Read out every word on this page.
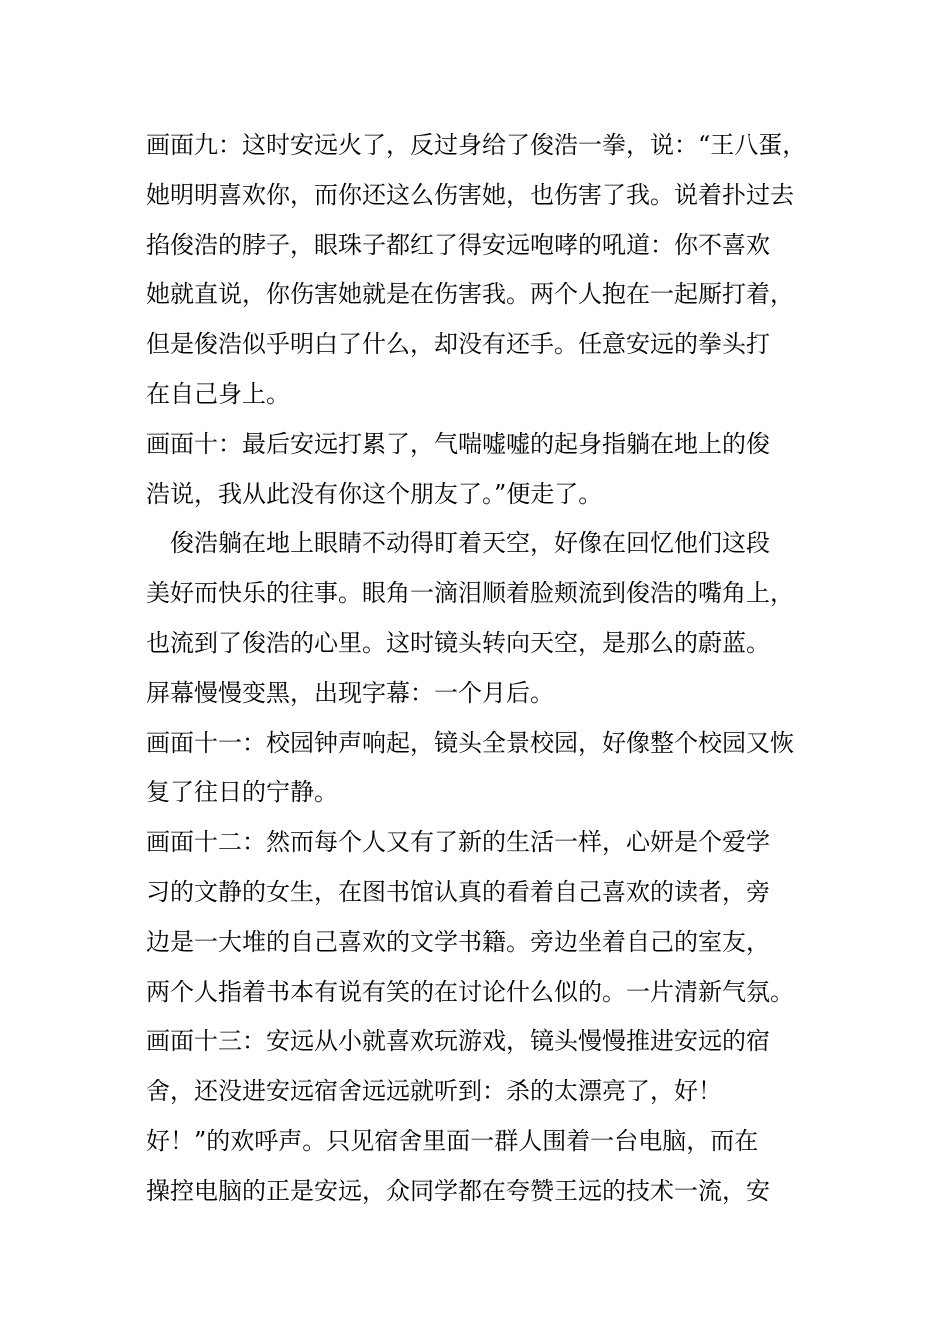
画面九：这时安远火了，反过身给了俊浩一拳，说：“王八蛋，
她明明喜欢你，而你还这么伤害她，也伤害了我。说着扑过去
掐俊浩的脖子，眼珠子都红了得安远咆哮的吼道：你不喜欢
她就直说，你伤害她就是在伤害我。两个人抱在一起厮打着，
但是俊浩似乎明白了什么，却没有还手。任意安远的拳头打
在自己身上。
画面十：最后安远打累了，气喘嘘嘘的起身指躺在地上的俊
浩说，我从此没有你这个朋友了。”便走了。
俊浩躺在地上眼睛不动得盯着天空，好像在回忆他们这段
美好而快乐的往事。眼角一滴泪顺着脸颊流到俊浩的嘴角上，
也流到了俊浩的心里。这时镜头转向天空，是那么的蔚蓝。
屏幕慢慢变黑，出现字幕：一个月后。
画面十一：校园钟声响起，镜头全景校园，好像整个校园又恢
复了往日的宁静。
画面十二：然而每个人又有了新的生活一样，心妍是个爱学
习的文静的女生，在图书馆认真的看着自己喜欢的读者，旁
边是一大堆的自己喜欢的文学书籍。旁边坐着自己的室友，
两个人指着书本有说有笑的在讨论什么似的。一片清新气氛。
画面十三：安远从小就喜欢玩游戏，镜头慢慢推进安远的宿
舍，还没进安远宿舍远远就听到：杀的太漂亮了，好！
好！”的欢呼声。只见宿舍里面一群人围着一台电脑，而在
操控电脑的正是安远，众同学都在夸赞王远的技术一流，安
